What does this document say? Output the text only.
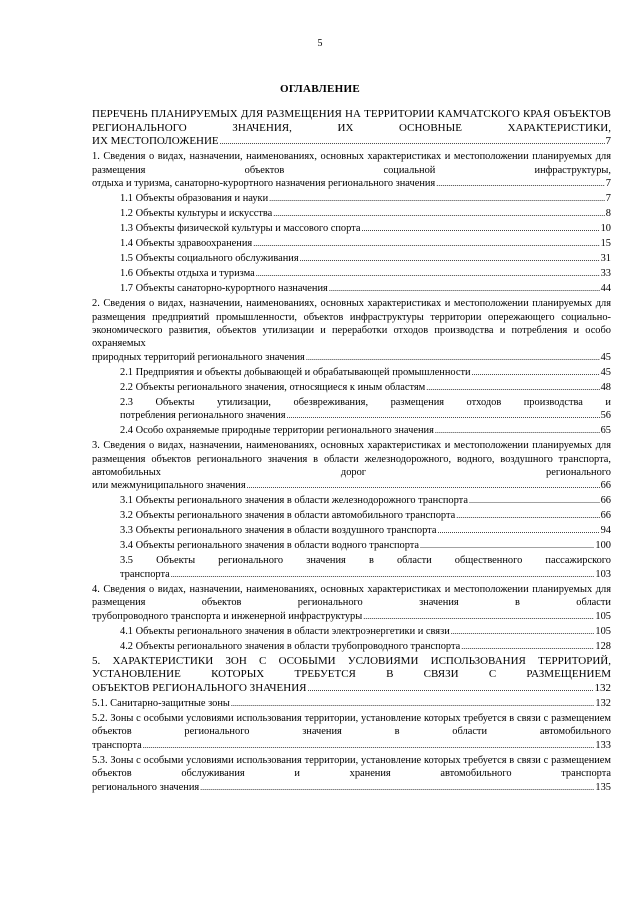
5
ОГЛАВЛЕНИЕ
ПЕРЕЧЕНЬ ПЛАНИРУЕМЫХ ДЛЯ РАЗМЕЩЕНИЯ НА ТЕРРИТОРИИ КАМЧАТСКОГО КРАЯ ОБЪЕКТОВ РЕГИОНАЛЬНОГО ЗНАЧЕНИЯ, ИХ ОСНОВНЫЕ ХАРАКТЕРИСТИКИ,
ИХ МЕСТОПОЛОЖЕНИЕ .....	7
1. Сведения о видах, назначении, наименованиях, основных характеристиках и местоположении планируемых для размещения объектов социальной инфраструктуры,
отдыха и туризма, санаторно-курортного назначения регионального значения .....	7
1.1 Объекты образования и науки .....	7
1.2 Объекты культуры и искусства .....	8
1.3 Объекты физической культуры и массового спорта .....	10
1.4 Объекты здравоохранения .....	15
1.5 Объекты социального обслуживания .....	31
1.6 Объекты отдыха и туризма .....	33
1.7 Объекты санаторно-курортного назначения .....	44
2. Сведения о видах, назначении, наименованиях, основных характеристиках и местоположении планируемых для размещения предприятий промышленности, объектов инфраструктуры территории опережающего социально-экономического развития, объектов утилизации и переработки отходов производства и потребления и особо охраняемых
природных территорий регионального значения .....	45
2.1 Предприятия и объекты добывающей и обрабатывающей промышленности .....	45
2.2 Объекты регионального значения, относящиеся к иным областям .....	48
2.3 Объекты утилизации, обезвреживания, размещения отходов производства и
потребления регионального значения .....	56
2.4 Особо охраняемые природные территории регионального значения .....	65
3. Сведения о видах, назначении, наименованиях, основных характеристиках и местоположении планируемых для размещения объектов регионального значения в области железнодорожного, водного, воздушного транспорта, автомобильных дорог регионального
или межмуниципального значения .....	66
3.1 Объекты регионального значения в области железнодорожного транспорта .....	66
3.2 Объекты регионального значения в области автомобильного транспорта .....	66
3.3 Объекты регионального значения в области воздушного транспорта .....	94
3.4 Объекты регионального значения в области водного транспорта .....	100
3.5 Объекты регионального значения в области общественного пассажирского
транспорта .....	103
4. Сведения о видах, назначении, наименованиях, основных характеристиках и местоположении планируемых для размещения объектов регионального значения в области
трубопроводного транспорта и инженерной инфраструктуры .....	105
4.1 Объекты регионального значения в области электроэнергетики и связи .....	105
4.2 Объекты регионального значения в области трубопроводного транспорта .....	128
5. ХАРАКТЕРИСТИКИ ЗОН С ОСОБЫМИ УСЛОВИЯМИ ИСПОЛЬЗОВАНИЯ ТЕРРИТОРИЙ, УСТАНОВЛЕНИЕ КОТОРЫХ ТРЕБУЕТСЯ В СВЯЗИ С РАЗМЕЩЕНИЕМ
ОБЪЕКТОВ РЕГИОНАЛЬНОГО ЗНАЧЕНИЯ .....	132
5.1. Санитарно-защитные зоны .....	132
5.2. Зоны с особыми условиями использования территории, установление которых требуется в связи с размещением объектов регионального значения в области автомобильного
транспорта .....	133
5.3. Зоны с особыми условиями использования территории, установление которых требуется в связи с размещением объектов обслуживания и хранения автомобильного транспорта
регионального значения .....	135
